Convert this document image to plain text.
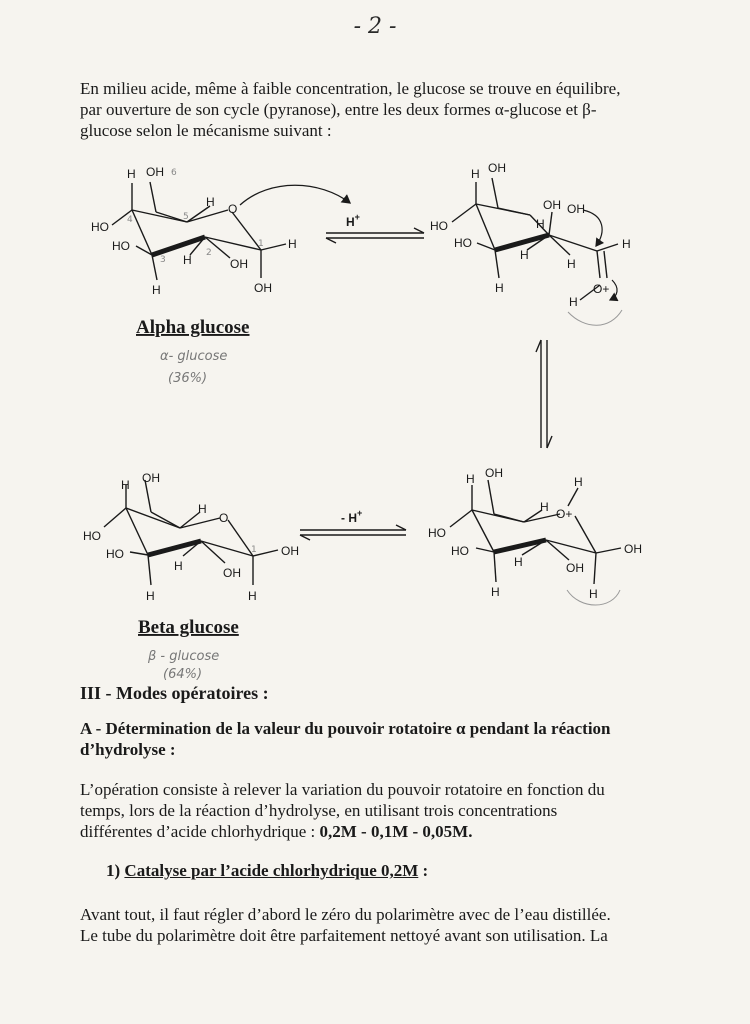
- 2 -

En milieu acide, même à faible concentration, le glucose se trouve en équilibre,

par ouverture de son cycle (pyranose), entre les deux formes α-glucose et β-

glucose selon le mécanisme suivant :

H OH
HO
HO
H
H	OH
H O
H
OH
1
2
3
4	5
6
H+
H OH
HO
HO
H
H
H
OH OH
H
H
O+
H
Alpha glucose
α- glucose
(36%)
H OH
HO
HO
H
H	OH
H
O
OH
H
1
- H+
Beta glucose
β - glucose
(64%)
H OH
HO
HO
H
H	OH
H O+
H
OH
H

III - Modes opératoires :

A - Détermination de la valeur du pouvoir rotatoire α pendant la réaction
d’hydrolyse :

L’opération consiste à relever la variation du pouvoir rotatoire en fonction du
temps, lors de la réaction d’hydrolyse, en utilisant trois concentrations
différentes d’acide chlorhydrique : 0,2M - 0,1M - 0,05M.

1) Catalyse par l’acide chlorhydrique 0,2M :

Avant tout, il faut régler d’abord le zéro du polarimètre avec de l’eau distillée.
Le tube du polarimètre doit être parfaitement nettoyé avant son utilisation. La
